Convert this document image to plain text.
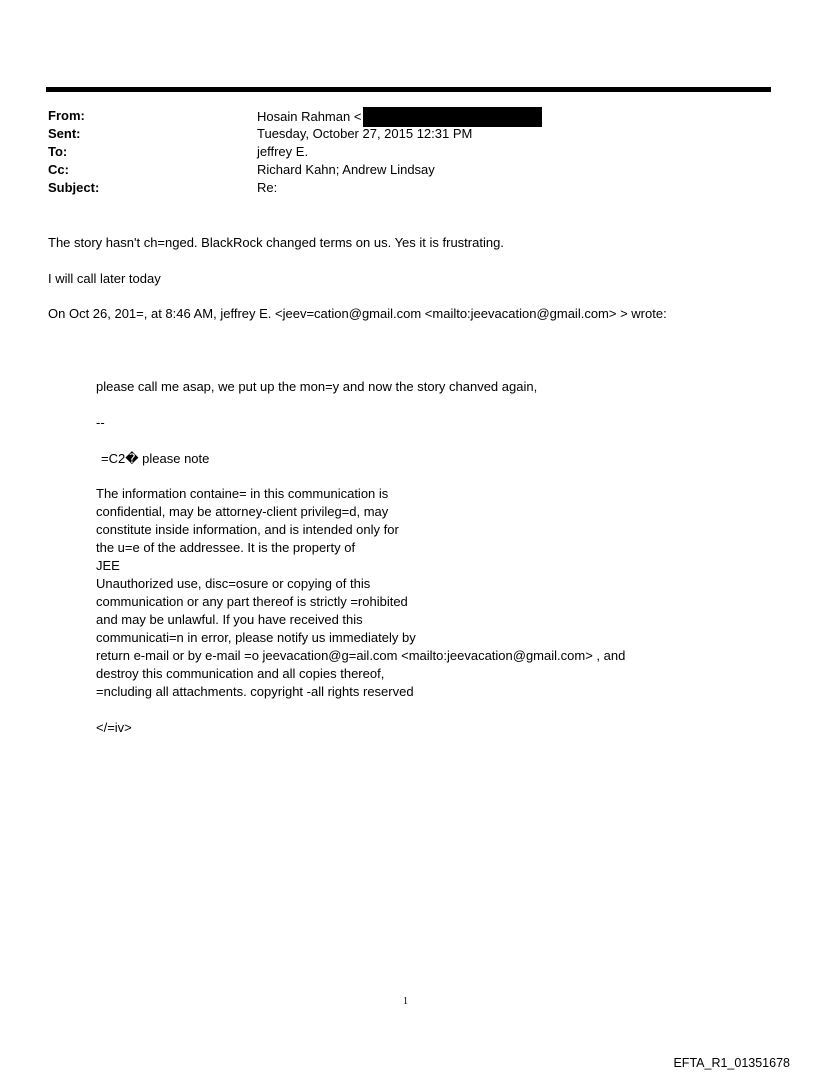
From:	Hosain Rahman <
Sent:	Tuesday, October 27, 2015 12:31 PM
To:	jeffrey E.
Cc:	Richard Kahn; Andrew Lindsay
Subject:	Re:
The story hasn't ch=nged. BlackRock changed terms on us. Yes it is frustrating.
I will call later today
On Oct 26, 201=, at 8:46 AM, jeffrey E. <jeev=cation@gmail.com <mailto:jeevacation@gmail.com> > wrote:
please call me asap, we put up the mon=y and now the story chanved again,
--
=C2� please note
The information containe= in this communication is
confidential, may be attorney-client privileg=d, may
constitute inside information, and is intended only for
the u=e of the addressee. It is the property of
JEE
Unauthorized use, disc=osure or copying of this
communication or any part thereof is strictly =rohibited
and may be unlawful. If you have received this
communicati=n in error, please notify us immediately by
return e-mail or by e-mail =o jeevacation@g=ail.com <mailto:jeevacation@gmail.com> , and
destroy this communication and all copies thereof,
=ncluding all attachments. copyright -all rights reserved
</=iv>
1
EFTA_R1_01351678
